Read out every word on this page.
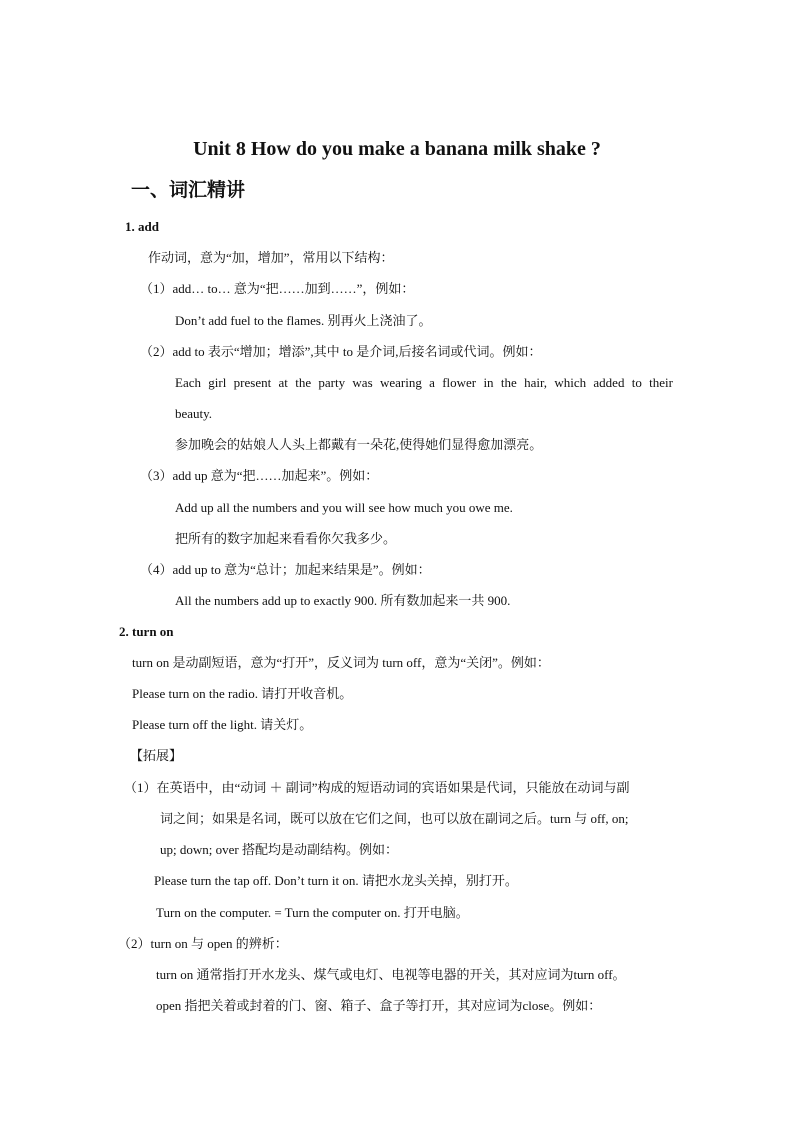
Unit 8 How do you make a banana milk shake ?
一、词汇精讲
1. add
作动词，意为“加，增加”，常用以下结构：
（1）add… to… 意为“把……加到……”，例如：
Don’t add fuel to the flames. 别再火上浇油了。
（2）add to 表示“增加；增添”,其中 to 是介词,后接名词或代词。例如：
Each girl present at the party was wearing a flower in the hair, which added to their
beauty.
参加晚会的姑娘人人头上都戴有一朵花,使得她们显得愈加漂亮。
（3）add up 意为“把……加起来”。例如：
Add up all the numbers and you will see how much you owe me.
把所有的数字加起来看看你欠我多少。
（4）add up to 意为“总计；加起来结果是”。例如：
All the numbers add up to exactly 900. 所有数加起来一共 900.
2. turn on
turn on 是动副短语，意为“打开”，反义词为 turn off，意为“关闭”。例如：
Please turn on the radio. 请打开收音机。
Please turn off the light. 请关灯。
【拓展】
（1）在英语中，由“动词 ＋ 副词”构成的短语动词的宾语如果是代词，只能放在动词与副
词之间；如果是名词，既可以放在它们之间，也可以放在副词之后。turn 与 off, on;
up; down; over 搭配均是动副结构。例如：
Please turn the tap off. Don’t turn it on. 请把水龙头关掉，别打开。
Turn on the computer. = Turn the computer on. 打开电脑。
（2）turn on 与 open 的辨析：
turn on 通常指打开水龙头、煤气或电灯、电视等电器的开关，其对应词为turn off。
open 指把关着或封着的门、窗、箱子、盒子等打开，其对应词为close。例如：
